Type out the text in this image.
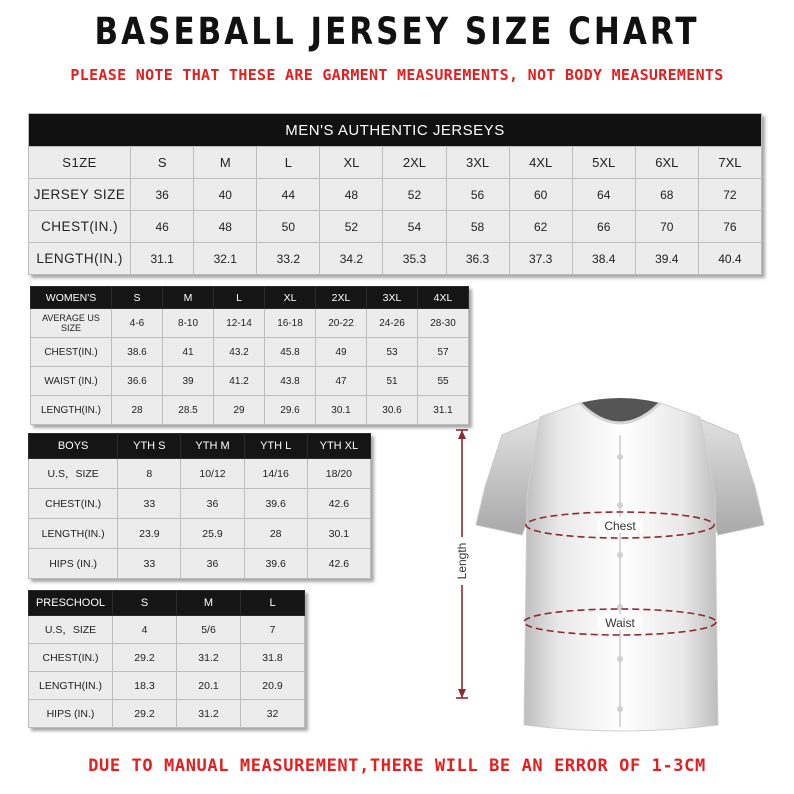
BASEBALL JERSEY SIZE CHART
PLEASE NOTE THAT THESE ARE GARMENT MEASUREMENTS, NOT BODY MEASUREMENTS
MEN'S AUTHENTIC JERSEYS										
S1ZE	S	M	L	XL	2XL	3XL	4XL	5XL	6XL	7XL
JERSEY SIZE	36	40	44	48	52	56	60	64	68	72
CHEST(IN.)	46	48	50	52	54	58	62	66	70	76
LENGTH(IN.)	31.1	32.1	33.2	34.2	35.3	36.3	37.3	38.4	39.4	40.4
WOMEN'S	S	M	L	XL	2XL	3XL	4XL
AVERAGE US SIZE	4-6	8-10	12-14	16-18	20-22	24-26	28-30
CHEST(IN.)	38.6	41	43.2	45.8	49	53	57
WAIST (IN.)	36.6	39	41.2	43.8	47	51	55
LENGTH(IN.)	28	28.5	29	29.6	30.1	30.6	31.1
BOYS	YTH S	YTH M	YTH L	YTH XL
U.S，SIZE	8	10/12	14/16	18/20
CHEST(IN.)	33	36	39.6	42.6
LENGTH(IN.)	23.9	25.9	28	30.1
HIPS (IN.)	33	36	39.6	42.6
PRESCHOOL	S	M	L
U.S，SIZE	4	5/6	7
CHEST(IN.)	29.2	31.2	31.8
LENGTH(IN.)	18.3	20.1	20.9
HIPS (IN.)	29.2	31.2	32
Chest
Waist
Length
DUE TO MANUAL MEASUREMENT,THERE WILL BE AN ERROR OF 1-3CM
